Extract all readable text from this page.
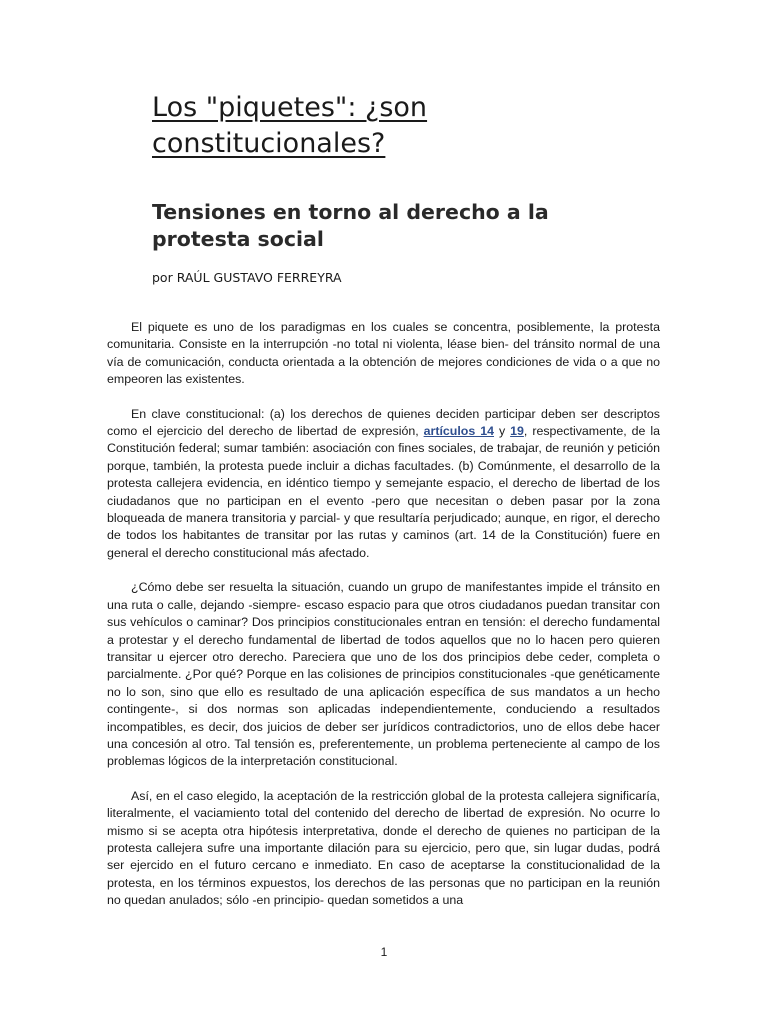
Los "piquetes": ¿son constitucionales?
Tensiones en torno al derecho a la protesta social
por RAÚL GUSTAVO FERREYRA

El piquete es uno de los paradigmas en los cuales se concentra, posiblemente, la protesta comunitaria. Consiste en la interrupción -no total ni violenta, léase bien- del tránsito normal de una vía de comunicación, conducta orientada a la obtención de mejores condiciones de vida o a que no empeoren las existentes.

En clave constitucional: (a) los derechos de quienes deciden participar deben ser descriptos como el ejercicio del derecho de libertad de expresión, artículos 14 y 19, respectivamente, de la Constitución federal; sumar también: asociación con fines sociales, de trabajar, de reunión y petición porque, también, la protesta puede incluir a dichas facultades. (b) Comúnmente, el desarrollo de la protesta callejera evidencia, en idéntico tiempo y semejante espacio, el derecho de libertad de los ciudadanos que no participan en el evento -pero que necesitan o deben pasar por la zona bloqueada de manera transitoria y parcial- y que resultaría perjudicado; aunque, en rigor, el derecho de todos los habitantes de transitar por las rutas y caminos (art. 14 de la Constitución) fuere en general el derecho constitucional más afectado.

¿Cómo debe ser resuelta la situación, cuando un grupo de manifestantes impide el tránsito en una ruta o calle, dejando -siempre- escaso espacio para que otros ciudadanos puedan transitar con sus vehículos o caminar? Dos principios constitucionales entran en tensión: el derecho fundamental a protestar y el derecho fundamental de libertad de todos aquellos que no lo hacen pero quieren transitar u ejercer otro derecho. Pareciera que uno de los dos principios debe ceder, completa o parcialmente. ¿Por qué? Porque en las colisiones de principios constitucionales -que genéticamente no lo son, sino que ello es resultado de una aplicación específica de sus mandatos a un hecho contingente-, si dos normas son aplicadas independientemente, conduciendo a resultados incompatibles, es decir, dos juicios de deber ser jurídicos contradictorios, uno de ellos debe hacer una concesión al otro. Tal tensión es, preferentemente, un problema perteneciente al campo de los problemas lógicos de la interpretación constitucional.

Así, en el caso elegido, la aceptación de la restricción global de la protesta callejera significaría, literalmente, el vaciamiento total del contenido del derecho de libertad de expresión. No ocurre lo mismo si se acepta otra hipótesis interpretativa, donde el derecho de quienes no participan de la protesta callejera sufre una importante dilación para su ejercicio, pero que, sin lugar dudas, podrá ser ejercido en el futuro cercano e inmediato. En caso de aceptarse la constitucionalidad de la protesta, en los términos expuestos, los derechos de las personas que no participan en la reunión no quedan anulados; sólo -en principio- quedan sometidos a una

1
